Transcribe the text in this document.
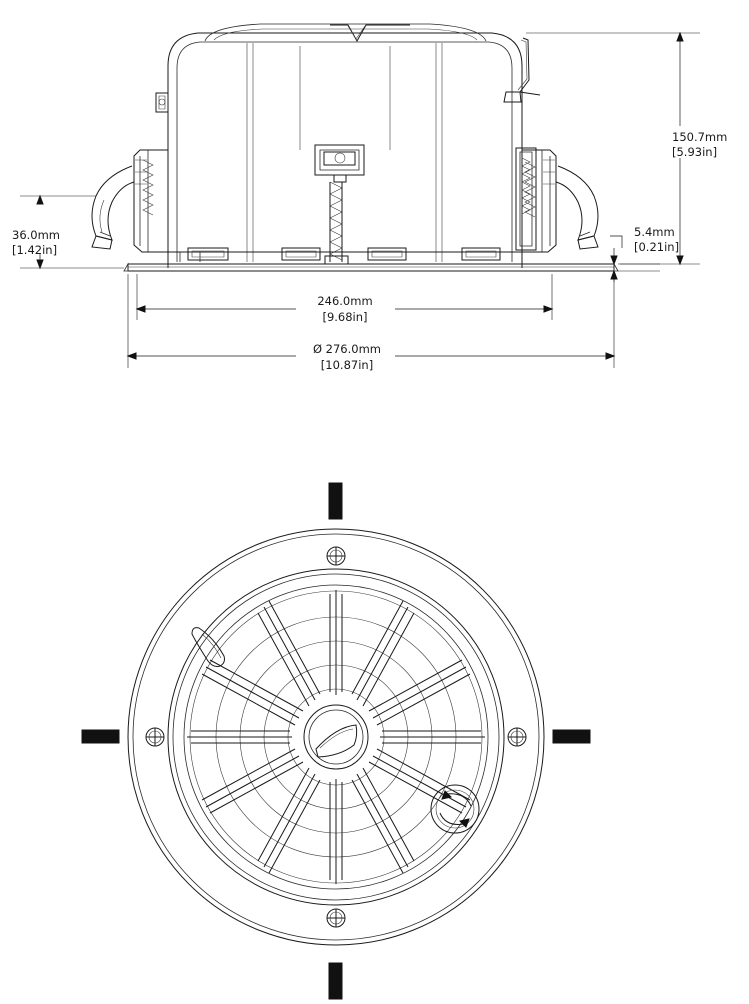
150.7mm
[5.93in]
36.0mm
[1.42in]
5.4mm
[0.21in]
246.0mm
[9.68in]
Ø 276.0mm
[10.87in]
